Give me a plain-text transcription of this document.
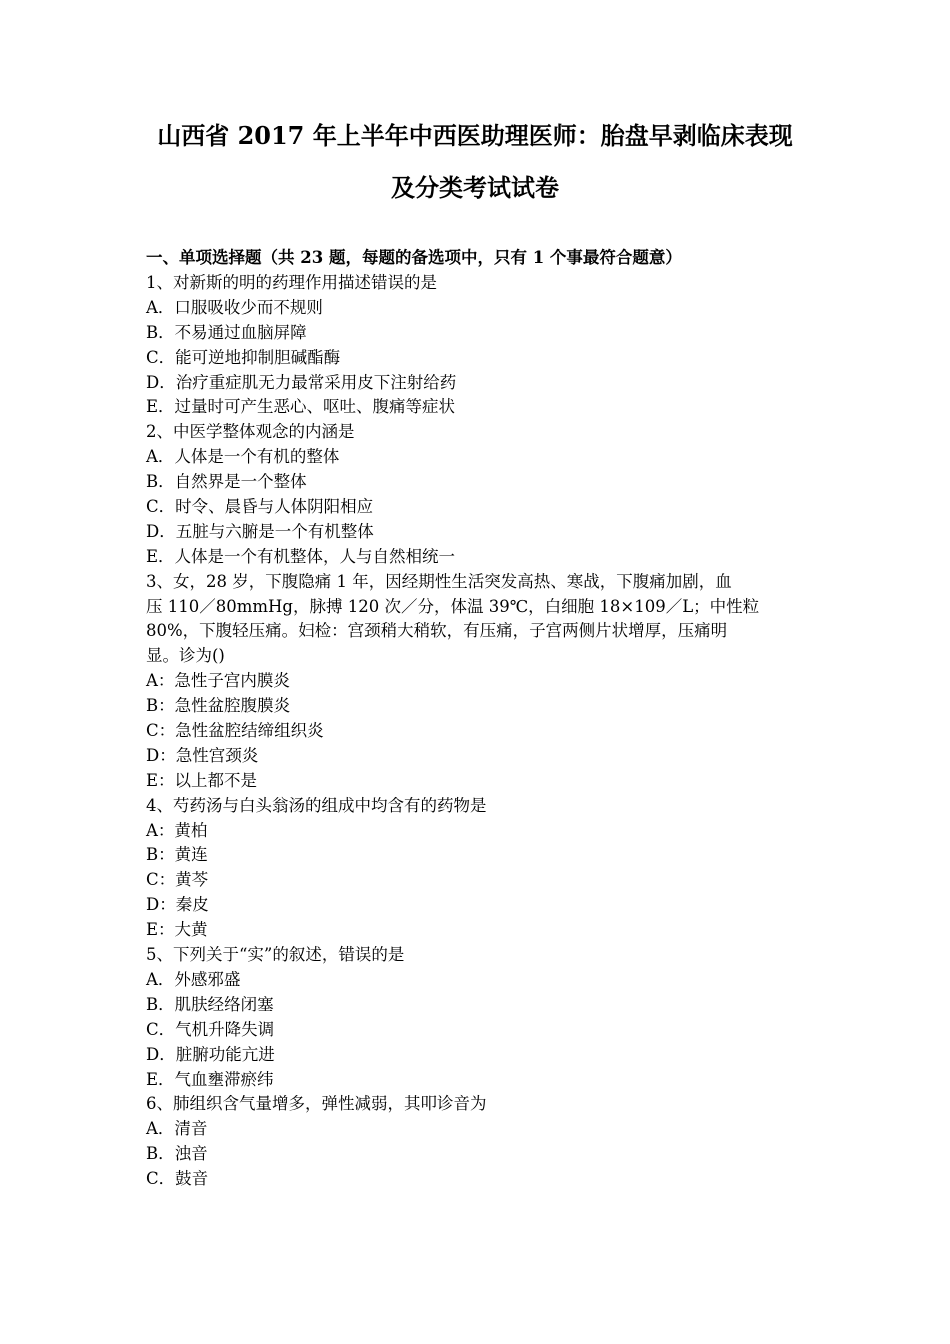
山西省 2017 年上半年中西医助理医师：胎盘早剥临床表现
及分类考试试卷
一、单项选择题（共 23 题，每题的备选项中，只有 1 个事最符合题意）
1、对新斯的明的药理作用描述错误的是
A．口服吸收少而不规则
B．不易通过血脑屏障
C．能可逆地抑制胆碱酯酶
D．治疗重症肌无力最常采用皮下注射给药
E．过量时可产生恶心、呕吐、腹痛等症状
2、中医学整体观念的内涵是
A．人体是一个有机的整体
B．自然界是一个整体
C．时令、晨昏与人体阴阳相应
D．五脏与六腑是一个有机整体
E．人体是一个有机整体，人与自然相统一
3、女，28 岁，下腹隐痛 1 年，因经期性生活突发高热、寒战，下腹痛加剧，血
压 110／80mmHg，脉搏 120 次／分，体温 39℃，白细胞 18×109／L；中性粒
80%，下腹轻压痛。妇检：宫颈稍大稍软，有压痛，子宫两侧片状增厚，压痛明
显。诊为()
A：急性子宫内膜炎
B：急性盆腔腹膜炎
C：急性盆腔结缔组织炎
D：急性宫颈炎
E：以上都不是
4、芍药汤与白头翁汤的组成中均含有的药物是
A：黄柏
B：黄连
C：黄芩
D：秦皮
E：大黄
5、下列关于“实”的叙述，错误的是
A．外感邪盛
B．肌肤经络闭塞
C．气机升降失调
D．脏腑功能亢进
E．气血壅滞瘀纬
6、肺组织含气量增多，弹性减弱，其叩诊音为
A．清音
B．浊音
C．鼓音
